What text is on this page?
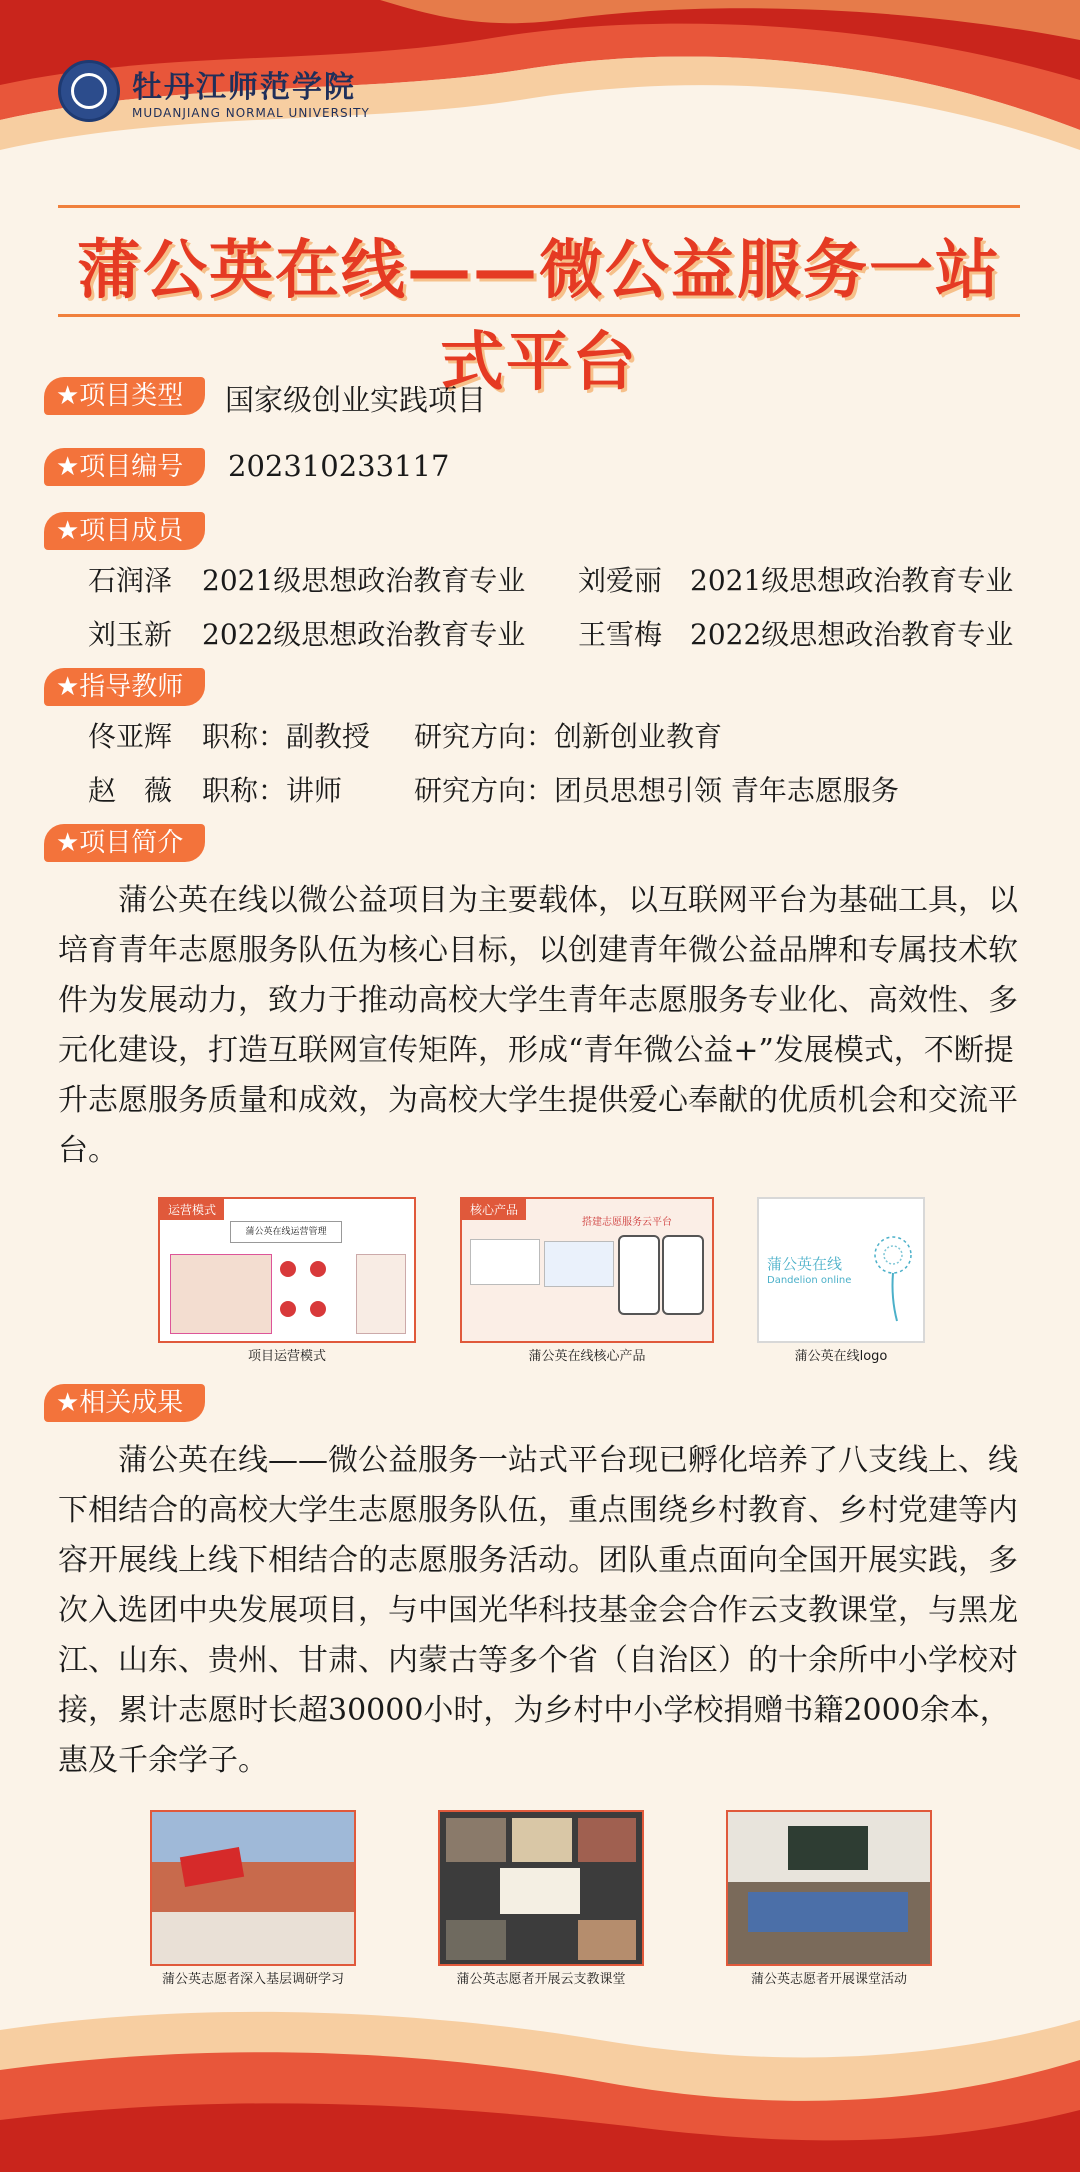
牡丹江师范学院
MUDANJIANG NORMAL UNIVERSITY
蒲公英在线——微公益服务一站式平台
★项目类型	国家级创业实践项目
★项目编号	202310233117
★项目成员
石润泽 2021级思想政治教育专业 刘爱丽 2021级思想政治教育专业
刘玉新 2022级思想政治教育专业 王雪梅 2022级思想政治教育专业
★指导教师
佟亚辉 职称：副教授 研究方向：创新创业教育
赵　薇 职称：讲师	研究方向：团员思想引领 青年志愿服务
★项目简介
蒲公英在线以微公益项目为主要载体，以互联网平台为基础工具，以培育青年志愿服务队伍为核心目标，以创建青年微公益品牌和专属技术软件为发展动力，致力于推动高校大学生青年志愿服务专业化、高效性、多元化建设，打造互联网宣传矩阵，形成“青年微公益+”发展模式，不断提升志愿服务质量和成效，为高校大学生提供爱心奉献的优质机会和交流平台。
运营模式
蒲公英在线运营管理
项目运营模式
核心产品
搭建志愿服务云平台
蒲公英在线核心产品
蒲公英在线
Dandelion online
蒲公英在线logo
★相关成果
蒲公英在线——微公益服务一站式平台现已孵化培养了八支线上、线下相结合的高校大学生志愿服务队伍，重点围绕乡村教育、乡村党建等内容开展线上线下相结合的志愿服务活动。团队重点面向全国开展实践，多次入选团中央发展项目，与中国光华科技基金会合作云支教课堂，与黑龙江、山东、贵州、甘肃、内蒙古等多个省（自治区）的十余所中小学校对接，累计志愿时长超30000小时，为乡村中小学校捐赠书籍2000余本，惠及千余学子。
蒲公英志愿者深入基层调研学习	蒲公英志愿者开展云支教课堂	蒲公英志愿者开展课堂活动
